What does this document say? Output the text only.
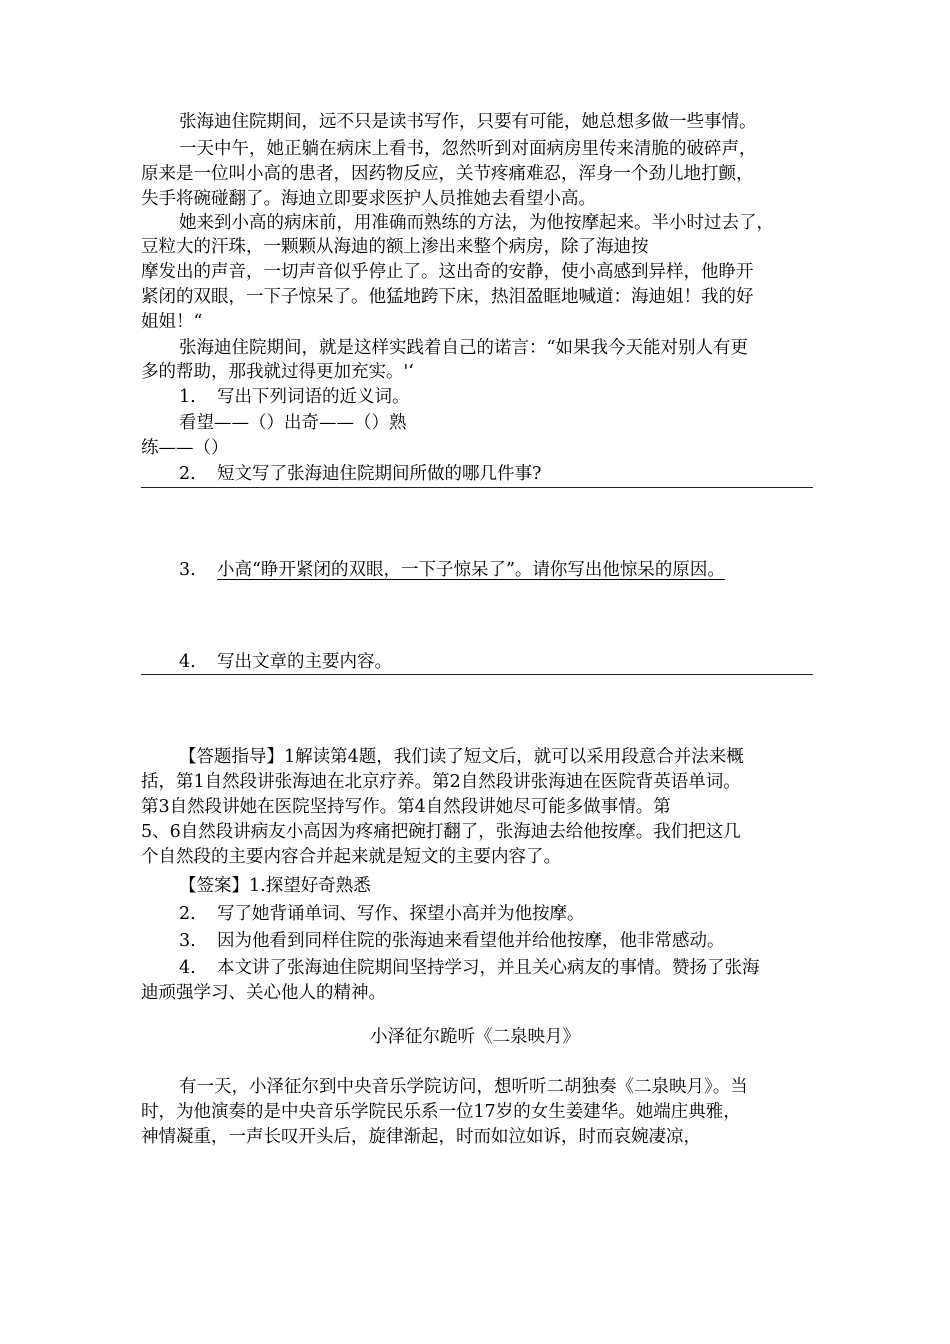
张海迪住院期间，远不只是读书写作，只要有可能，她总想多做一些事情。
一天中午，她正躺在病床上看书，忽然听到对面病房里传来清脆的破碎声，
原来是一位叫小高的患者，因药物反应，关节疼痛难忍，浑身一个劲儿地打颤，
失手将碗碰翻了。海迪立即要求医护人员推她去看望小高。
她来到小高的病床前，用准确而熟练的方法，为他按摩起来。半小时过去了，
豆粒大的汗珠，一颗颗从海迪的额上渗出来整个病房，除了海迪按
摩发出的声音，一切声音似乎停止了。这出奇的安静，使小高感到异样，他睁开
紧闭的双眼，一下子惊呆了。他猛地跨下床，热泪盈眶地喊道：海迪姐！我的好
姐姐！“
张海迪住院期间，就是这样实践着自己的诺言：“如果我今天能对别人有更
多的帮助，那我就过得更加充实。'‘
1. 写出下列词语的近义词。
看望——（）出奇——（）熟
练——（）
2. 短文写了张海迪住院期间所做的哪几件事?
3. 小高“睁开紧闭的双眼，一下子惊呆了”。请你写出他惊呆的原因。
4. 写出文章的主要内容。
【答题指导】1解读第4题，我们读了短文后，就可以采用段意合并法来概
括，第1自然段讲张海迪在北京疗养。第2自然段讲张海迪在医院背英语单词。
第3自然段讲她在医院坚持写作。第4自然段讲她尽可能多做事情。第
5、6自然段讲病友小高因为疼痛把碗打翻了，张海迪去给他按摩。我们把这几
个自然段的主要内容合并起来就是短文的主要内容了。
【签案】1.探望好奇熟悉
2. 写了她背诵单词、写作、探望小高并为他按摩。
3. 因为他看到同样住院的张海迪来看望他并给他按摩，他非常感动。
4. 本文讲了张海迪住院期间坚持学习，并且关心病友的事情。赞扬了张海
迪顽强学习、关心他人的精神。
小泽征尔跪听《二泉映月》
有一天，小泽征尔到中央音乐学院访问，想听听二胡独奏《二泉映月》。当
时，为他演奏的是中央音乐学院民乐系一位17岁的女生姜建华。她端庄典雅，
神情凝重，一声长叹开头后，旋律渐起，时而如泣如诉，时而哀婉凄凉，
